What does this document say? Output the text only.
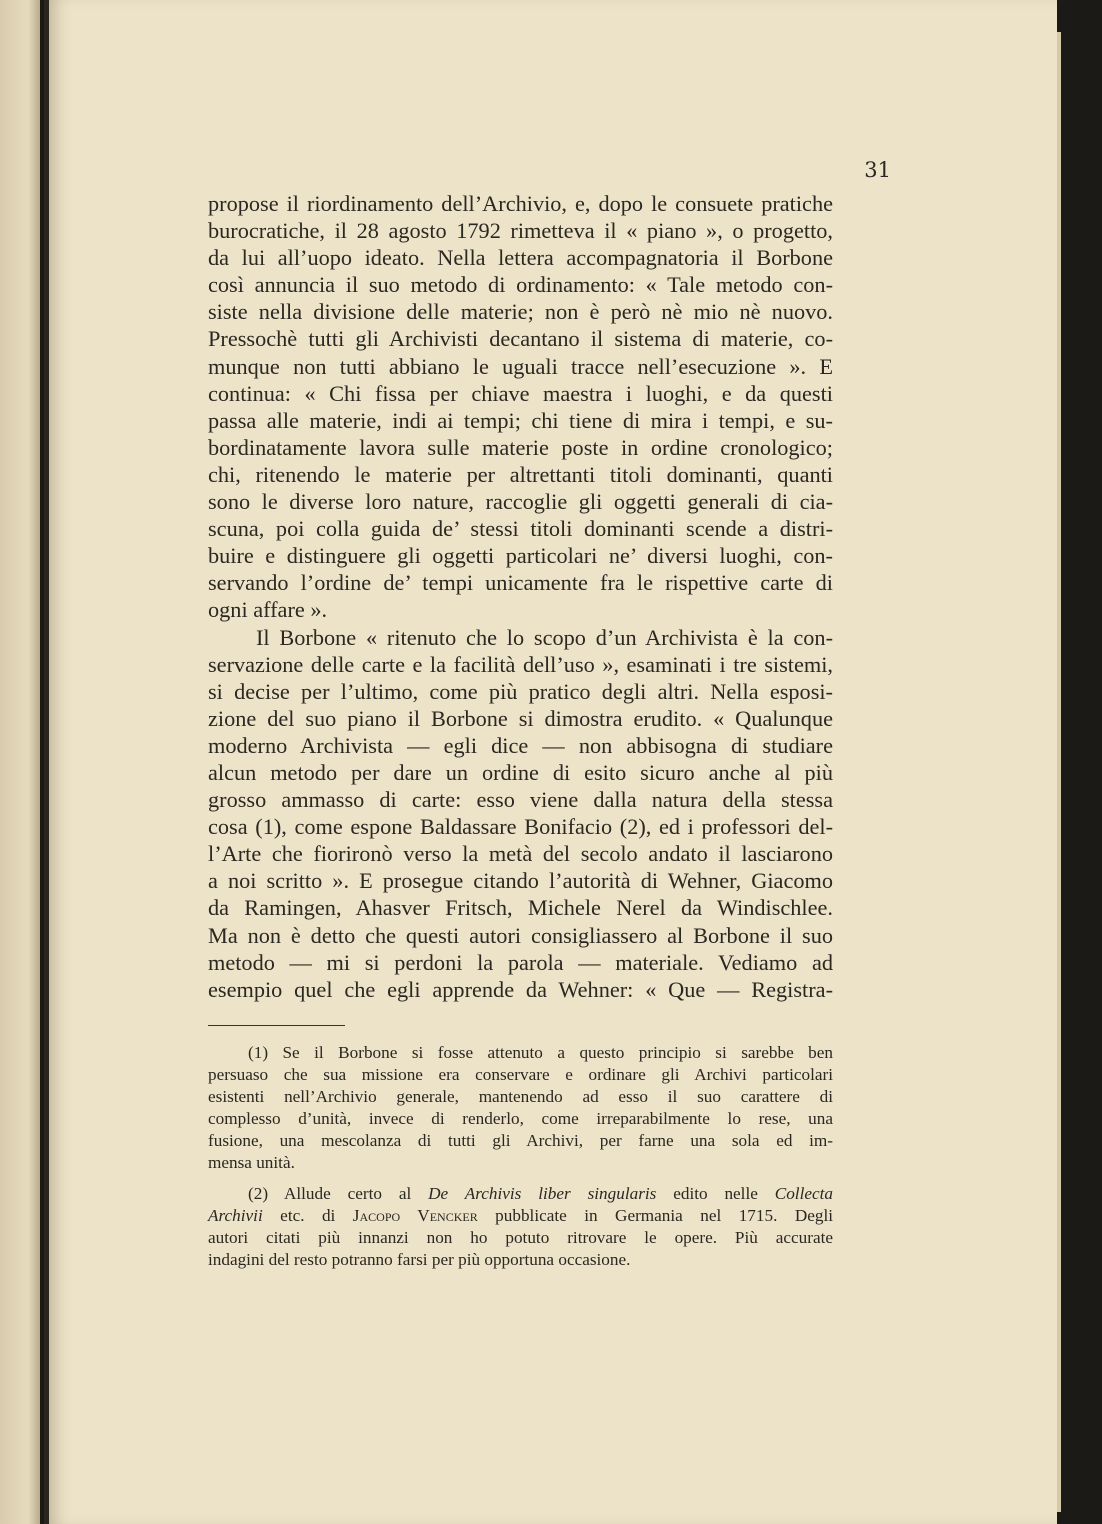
31
propose il riordinamento dell’Archivio, e, dopo le consuete pratiche
burocratiche, il 28 agosto 1792 rimetteva il « piano », o progetto,
da lui all’uopo ideato. Nella lettera accompagnatoria il Borbone
così annuncia il suo metodo di ordinamento: « Tale metodo con-
siste nella divisione delle materie; non è però nè mio nè nuovo.
Pressochè tutti gli Archivisti decantano il sistema di materie, co-
munque non tutti abbiano le uguali tracce nell’esecuzione ». E
continua: « Chi fissa per chiave maestra i luoghi, e da questi
passa alle materie, indi ai tempi; chi tiene di mira i tempi, e su-
bordinatamente lavora sulle materie poste in ordine cronologico;
chi, ritenendo le materie per altrettanti titoli dominanti, quanti
sono le diverse loro nature, raccoglie gli oggetti generali di cia-
scuna, poi colla guida de’ stessi titoli dominanti scende a distri-
buire e distinguere gli oggetti particolari ne’ diversi luoghi, con-
servando l’ordine de’ tempi unicamente fra le rispettive carte di
ogni affare ».
Il Borbone « ritenuto che lo scopo d’un Archivista è la con-
servazione delle carte e la facilità dell’uso », esaminati i tre sistemi,
si decise per l’ultimo, come più pratico degli altri. Nella esposi-
zione del suo piano il Borbone si dimostra erudito. « Qualunque
moderno Archivista — egli dice — non abbisogna di studiare
alcun metodo per dare un ordine di esito sicuro anche al più
grosso ammasso di carte: esso viene dalla natura della stessa
cosa (1), come espone Baldassare Bonifacio (2), ed i professori del-
l’Arte che fiorironò verso la metà del secolo andato il lasciarono
a noi scritto ». E prosegue citando l’autorità di Wehner, Giacomo
da Ramingen, Ahasver Fritsch, Michele Nerel da Windischlee.
Ma non è detto che questi autori consigliassero al Borbone il suo
metodo — mi si perdoni la parola — materiale. Vediamo ad
esempio quel che egli apprende da Wehner: « Que — Registra-
(1) Se il Borbone si fosse attenuto a questo principio si sarebbe ben
persuaso che sua missione era conservare e ordinare gli Archivi particolari
esistenti nell’Archivio generale, mantenendo ad esso il suo carattere di
complesso d’unità, invece di renderlo, come irreparabilmente lo rese, una
fusione, una mescolanza di tutti gli Archivi, per farne una sola ed im-
mensa unità.
(2) Allude certo al De Archivis liber singularis edito nelle Collecta
Archivii etc. di Jacopo Vencker pubblicate in Germania nel 1715. Degli
autori citati più innanzi non ho potuto ritrovare le opere. Più accurate
indagini del resto potranno farsi per più opportuna occasione.
